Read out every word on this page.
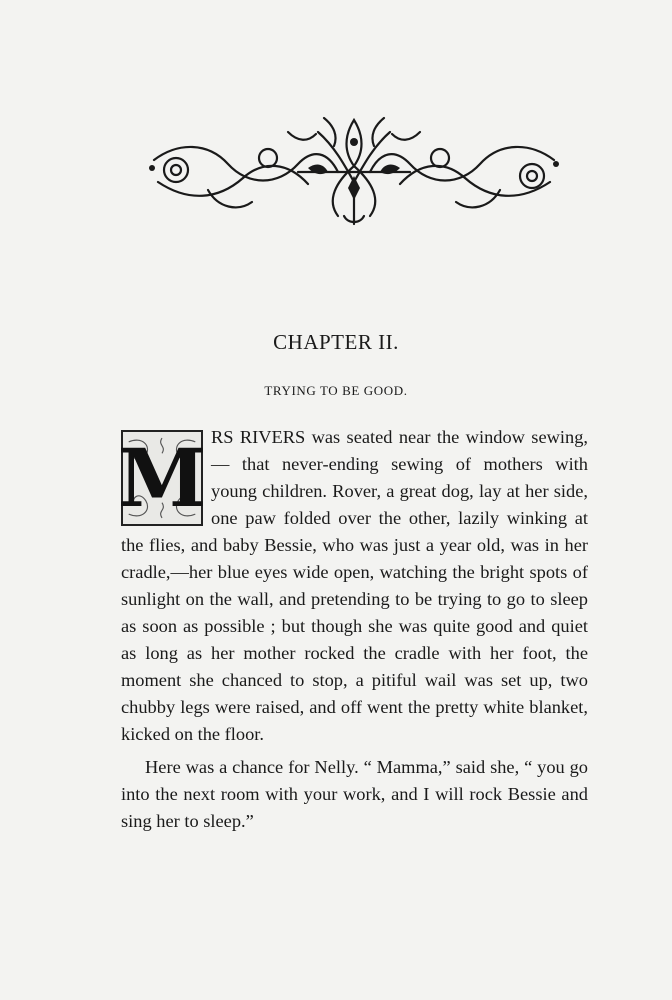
CHAPTER II.
TRYING TO BE GOOD.
M RS RIVERS was seated near the window sewing, — that never-ending sewing of mothers with young children. Rover, a great dog, lay at her side, one paw folded over the other, lazily winking at the flies, and baby Bessie, who was just a year old, was in her cradle,—her blue eyes wide open, watching the bright spots of sunlight on the wall, and pretending to be trying to go to sleep as soon as possible ; but though she was quite good and quiet as long as her mother rocked the cradle with her foot, the moment she chanced to stop, a pitiful wail was set up, two chubby legs were raised, and off went the pretty white blanket, kicked on the floor.

Here was a chance for Nelly. “ Mamma,” said she, “ you go into the next room with your work, and I will rock Bessie and sing her to sleep.”
